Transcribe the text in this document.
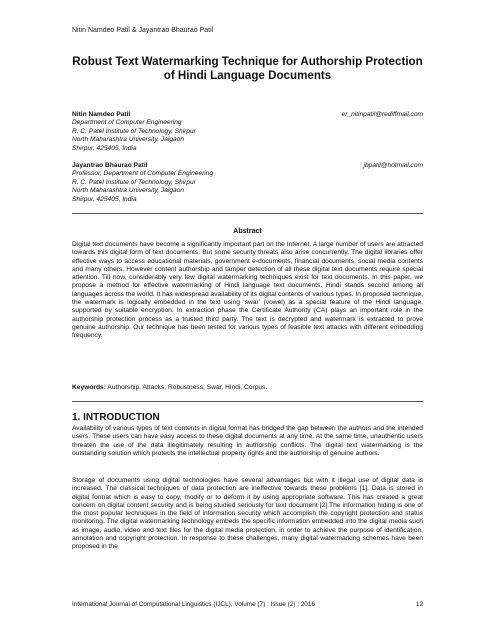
Nitin Namdeo Patil & Jayantrao Bhaurao Patil
Robust Text Watermarking Technique for Authorship Protection
of Hindi Language Documents
Nitin Namdeo Patil	er_nitinpatil@rediffmail.com
Department of Computer Engineering
R. C. Patel Institute of Technology, Shirpur
North Maharashtra University, Jalgaon
Shirpur, 425405, India
Jayantrao Bhaurao Patil	jbpatil@hotmail.com
Professor, Department of Computer Engineering
R. C. Patel Institute of Technology, Shirpur
North Maharashtra University, Jalgaon
Shirpur, 425405, India
Abstract
Digital text documents have become a significantly important part on the Internet. A large number of users are attracted towards this digital form of text documents. But some security threats also arise concurrently. The digital libraries offer effective ways to access educational materials, government e-documents, financial documents, social media contents and many others. However content authorship and tamper detection of all these digital text documents require special attention. Till now, considerably very few digital watermarking techniques exist for text documents. In this paper, we propose a method for effective watermarking of Hindi language text documents. Hindi stands second among all languages across the world. It has widespread availability of its digital contents of various types. In proposed technique, the watermark is logically embedded in the text using ‘swar’ (vowel) as a special feature of the Hindi language, supported by suitable encryption. In extraction phase the Certificate Authority (CA) plays an important role in the authorship protection process as a trusted third party. The text is decrypted and watermark is extracted to prove genuine authorship. Our technique has been tested for various types of feasible text attacks with different embedding frequency.
Keywords: Authorship, Attacks, Robustness, Swar, Hindi, Corpus.
1. INTRODUCTION
Availability of various types of text contents in digital format has bridged the gap between the authors and the intended users. These users can have easy access to these digital documents at any time. At the same time, unauthentic users threaten the use of the data illegitimately resulting in authorship conflicts. The digital text watermarking is the outstanding solution which protects the intellectual property rights and the authorship of genuine authors.
Storage of documents using digital technologies have several advantages but with it illegal use of digital data is increased. The classical techniques of data protection are ineffective towards these problems [1]. Data is stored in digital format which is easy to copy, modify or to deform it by using appropriate software. This has created a great concern on digital content security and is being studied seriously for text document [2].The information hiding is one of the most popular techniques in the field of information security which accomplish the copyright protection and status monitoring. The digital watermarking technology embeds the specific information embedded into the digital media such as image, audio, video and text files for the digital media protection, in order to achieve the purpose of identification, annotation and copyright protection. In response to these challenges, many digital watermarking schemes have been proposed in the
International Journal of Computational Linguistics (IJCL), Volume (7) : Issue (2) : 2016	12
